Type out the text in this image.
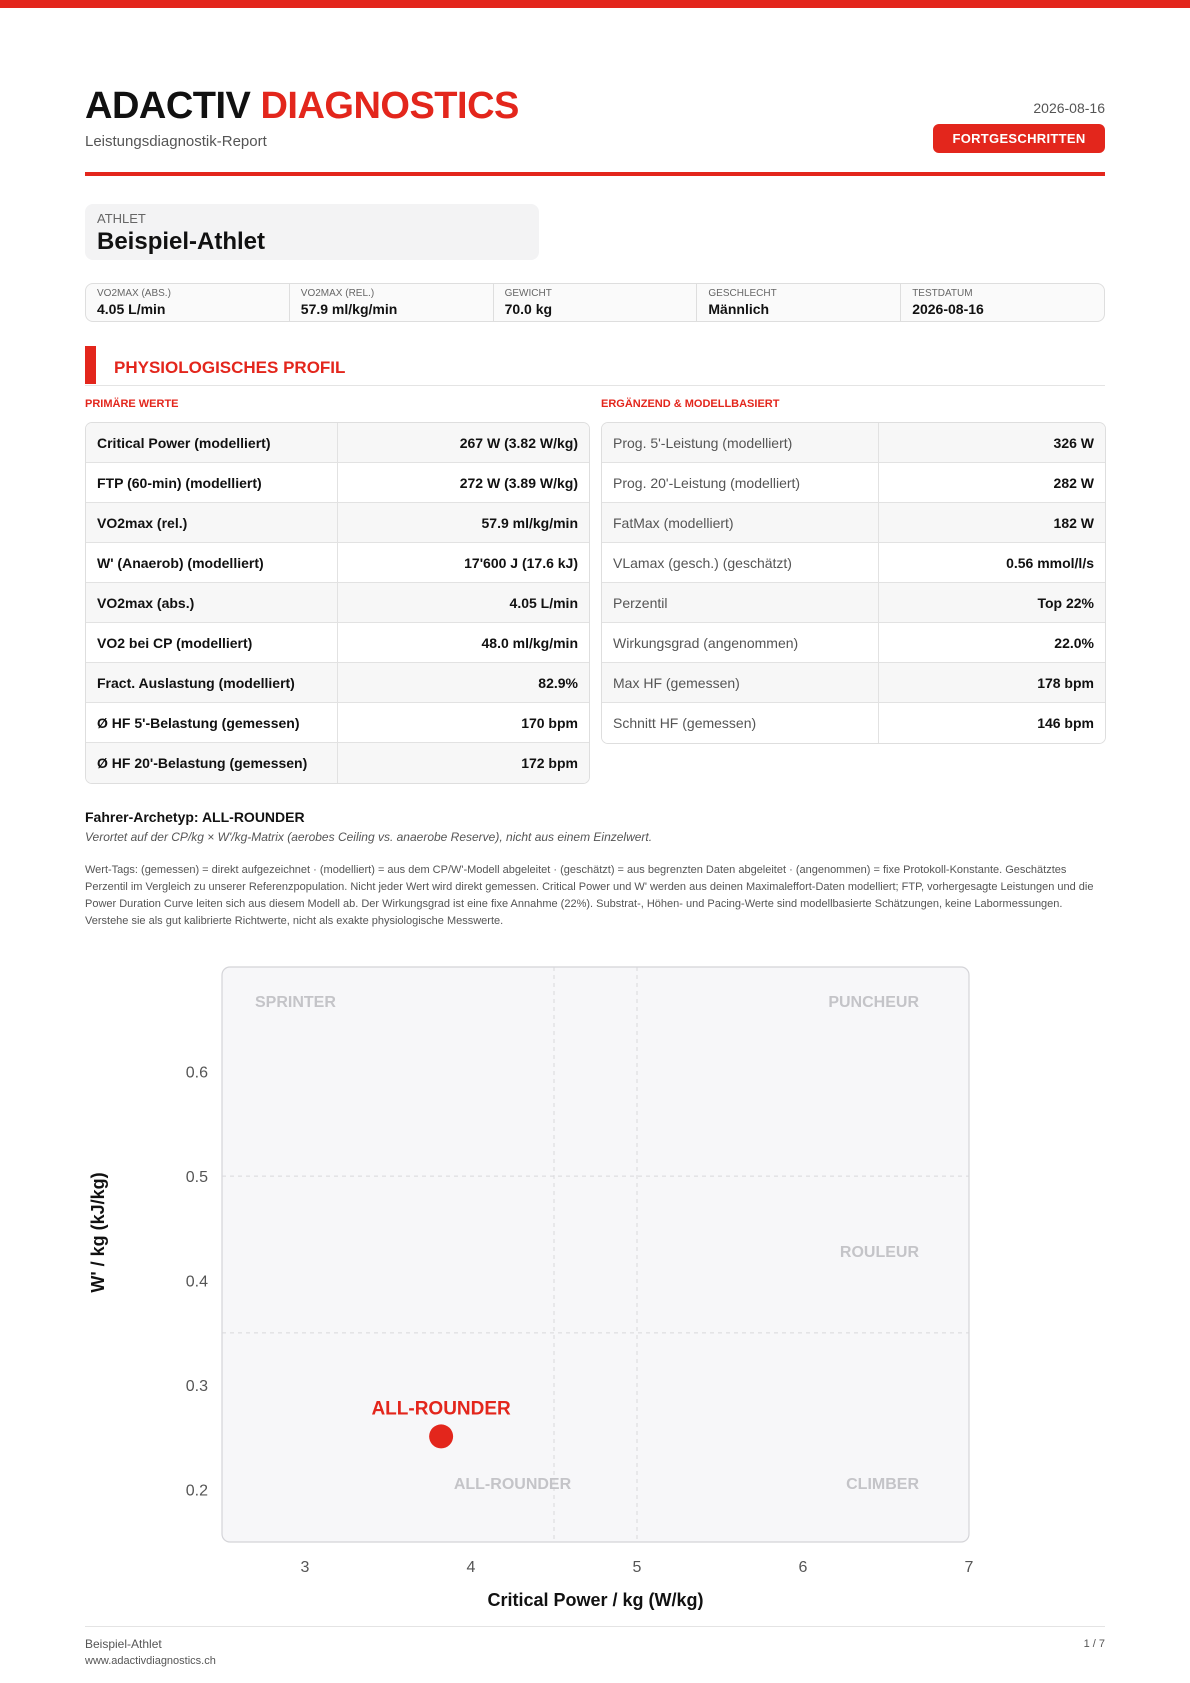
ADACTIV DIAGNOSTICS
Leistungsdiagnostik-Report
2026-08-16
FORTGESCHRITTEN
ATHLET
Beispiel-Athlet
VO2MAX (ABS.)
4.05 L/min
VO2MAX (REL.)
57.9 ml/kg/min
GEWICHT
70.0 kg
GESCHLECHT
Männlich
TESTDATUM
2026-08-16
PHYSIOLOGISCHES PROFIL
PRIMÄRE WERTE	ERGÄNZEND & MODELLBASIERT
Critical Power (modelliert)	267 W (3.82 W/kg)
FTP (60-min) (modelliert)	272 W (3.89 W/kg)
VO2max (rel.)	57.9 ml/kg/min
W' (Anaerob) (modelliert)	17'600 J (17.6 kJ)
VO2max (abs.)	4.05 L/min
VO2 bei CP (modelliert)	48.0 ml/kg/min
Fract. Auslastung (modelliert)	82.9%
Ø HF 5'-Belastung (gemessen)	170 bpm
Ø HF 20'-Belastung (gemessen)	172 bpm
Prog. 5'-Leistung (modelliert)	326 W
Prog. 20'-Leistung (modelliert)	282 W
FatMax (modelliert)	182 W
VLamax (gesch.) (geschätzt)	0.56 mmol/l/s
Perzentil	Top 22%
Wirkungsgrad (angenommen)	22.0%
Max HF (gemessen)	178 bpm
Schnitt HF (gemessen)	146 bpm
Fahrer-Archetyp: ALL-ROUNDER
Verortet auf der CP/kg × W'/kg-Matrix (aerobes Ceiling vs. anaerobe Reserve), nicht aus einem Einzelwert.
Wert-Tags: (gemessen) = direkt aufgezeichnet · (modelliert) = aus dem CP/W'-Modell abgeleitet · (geschätzt) = aus begrenzten Daten abgeleitet · (angenommen) = fixe Protokoll-Konstante. Geschätztes Perzentil im Vergleich zu unserer Referenzpopulation. Nicht jeder Wert wird direkt gemessen. Critical Power und W' werden aus deinen Maximaleffort-Daten modelliert; FTP, vorhergesagte Leistungen und die Power Duration Curve leiten sich aus diesem Modell ab. Der Wirkungsgrad ist eine fixe Annahme (22%). Substrat-, Höhen- und Pacing-Werte sind modellbasierte Schätzungen, keine Labormessungen. Verstehe sie als gut kalibrierte Richtwerte, nicht als exakte physiologische Messwerte.
3	4	5	6	7
0.2
0.3
0.4
0.5
0.6
Critical Power / kg (W/kg)
W' / kg (kJ/kg)
SPRINTER	PUNCHEUR
ROULEUR
ALL-ROUNDER	CLIMBER
ALL-ROUNDER
Beispiel-Athlet
www.adactivdiagnostics.ch
1 / 7
